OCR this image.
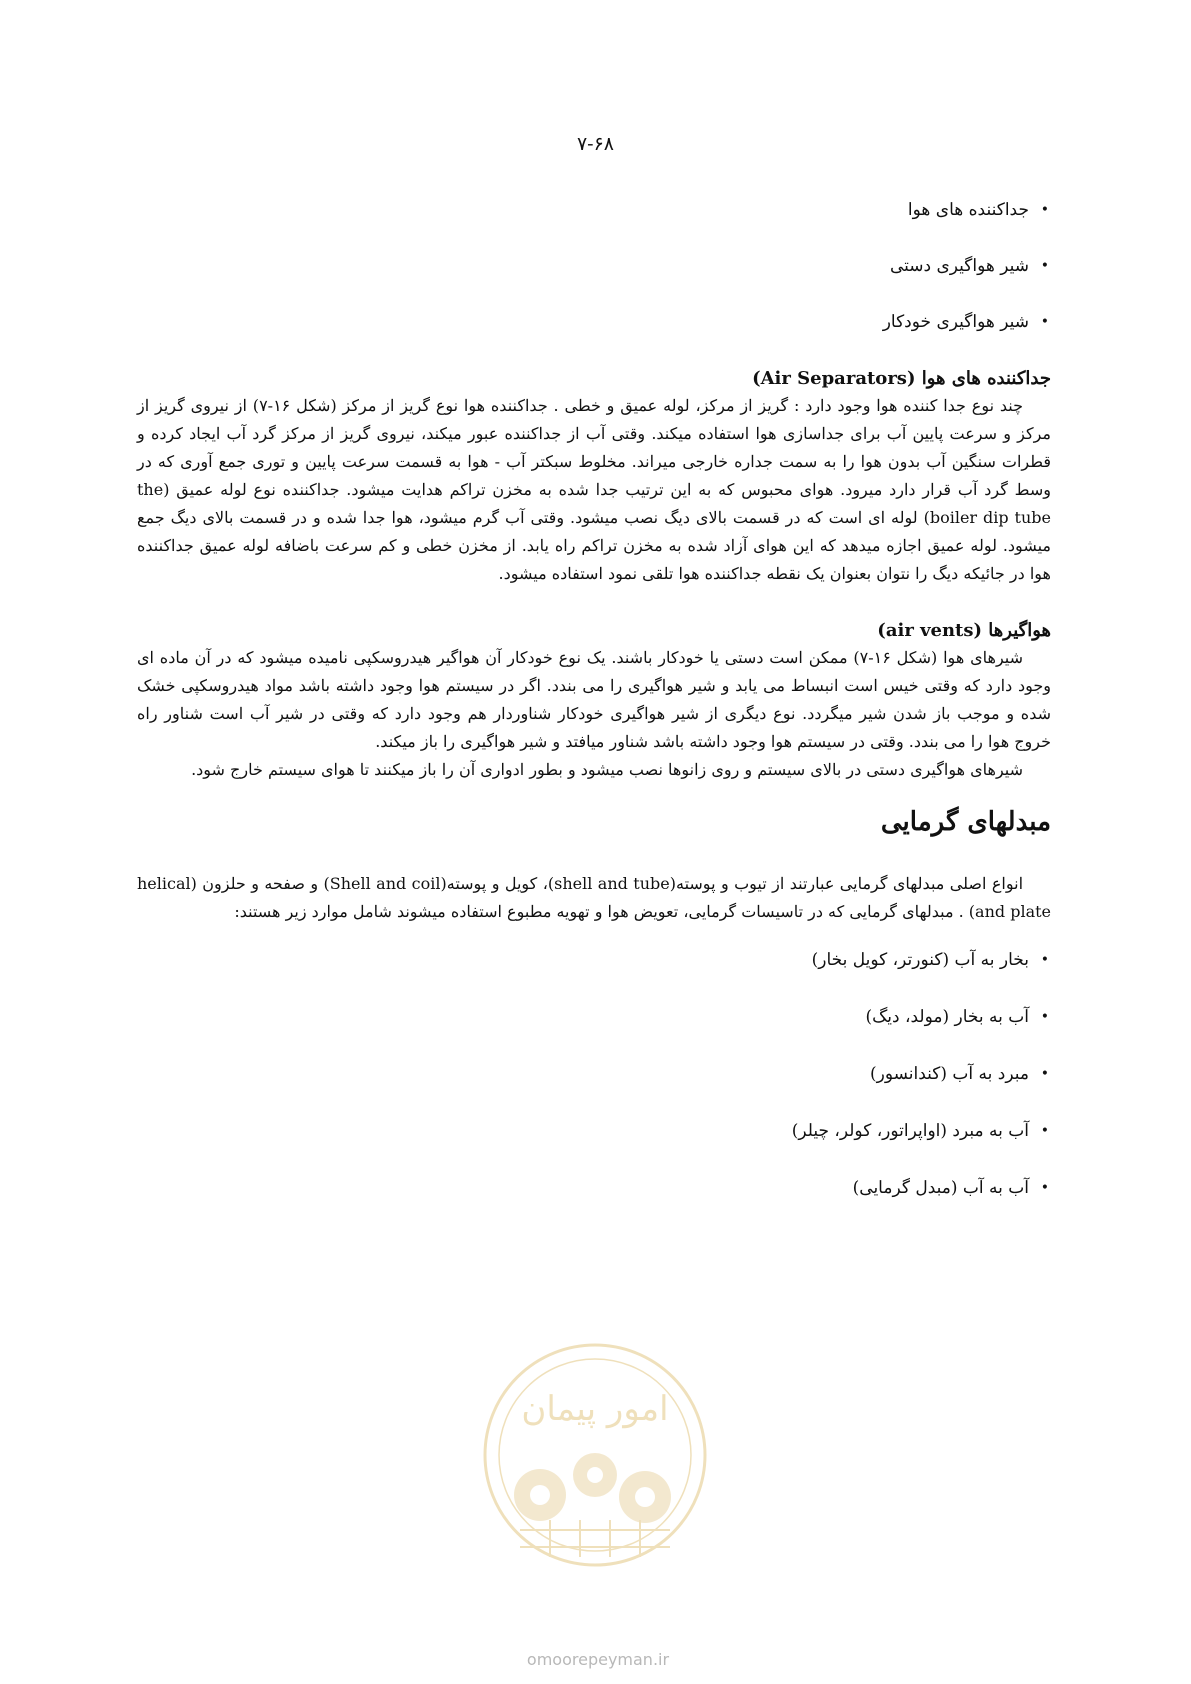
۷-۶۸
• جداکننده های هوا
• شیر هواگیری دستی
• شیر هواگیری خودکار
جداکننده های هوا (Air Separators)

چند نوع جدا کننده هوا وجود دارد : گریز از مرکز، لوله عمیق و خطی . جداکننده هوا نوع گریز از مرکز (شکل ۱۶-۷) از نیروی گریز از مرکز و سرعت پایین آب برای جداسازی هوا استفاده میکند. وقتی آب از جداکننده عبور میکند، نیروی گریز از مرکز گرد آب ایجاد کرده و قطرات سنگین آب بدون هوا را به سمت جداره خارجی میراند. مخلوط سبکتر آب - هوا به قسمت سرعت پایین و توری جمع آوری که در وسط گرد آب قرار دارد میرود. هوای محبوس که به این ترتیب جدا شده به مخزن تراکم هدایت میشود. جداکننده نوع لوله عمیق (the boiler dip tube) لوله ای است که در قسمت بالای دیگ نصب میشود. وقتی آب گرم میشود، هوا جدا شده و در قسمت بالای دیگ جمع میشود. لوله عمیق اجازه میدهد که این هوای آزاد شده به مخزن تراکم راه یابد. از مخزن خطی و کم سرعت باضافه لوله عمیق جداکننده هوا در جائیکه دیگ را نتوان بعنوان یک نقطه جداکننده هوا تلقی نمود استفاده میشود.

هواگیرها (air vents)

شیرهای هوا (شکل ۱۶-۷) ممکن است دستی یا خودکار باشند. یک نوع خودکار آن هواگیر هیدروسکپی نامیده میشود که در آن ماده ای وجود دارد که وقتی خیس است انبساط می یابد و شیر هواگیری را می بندد. اگر در سیستم هوا وجود داشته باشد مواد هیدروسکپی خشک شده و موجب باز شدن شیر میگردد. نوع دیگری از شیر هواگیری خودکار شناوردار هم وجود دارد که وقتی در شیر آب است شناور راه خروج هوا را می بندد. وقتی در سیستم هوا وجود داشته باشد شناور میافتد و شیر هواگیری را باز میکند.

شیرهای هواگیری دستی در بالای سیستم و روی زانوها نصب میشود و بطور ادواری آن را باز میکنند تا هوای سیستم خارج شود.

مبدلهای گرمایی

انواع اصلی مبدلهای گرمایی عبارتند از تیوب و پوسته(shell and tube)، کویل و پوسته(Shell and coil) و صفحه و حلزون (helical and plate) . مبدلهای گرمایی که در تاسیسات گرمایی، تعویض هوا و تهویه مطبوع استفاده میشوند شامل موارد زیر هستند:

• بخار به آب (کنورتر، کویل بخار)
• آب به بخار (مولد، دیگ)
• مبرد به آب (کندانسور)
• آب به مبرد (اواپراتور، کولر، چیلر)
• آب به آب (مبدل گرمایی)
امور پیمان
omoorepeyman.ir
